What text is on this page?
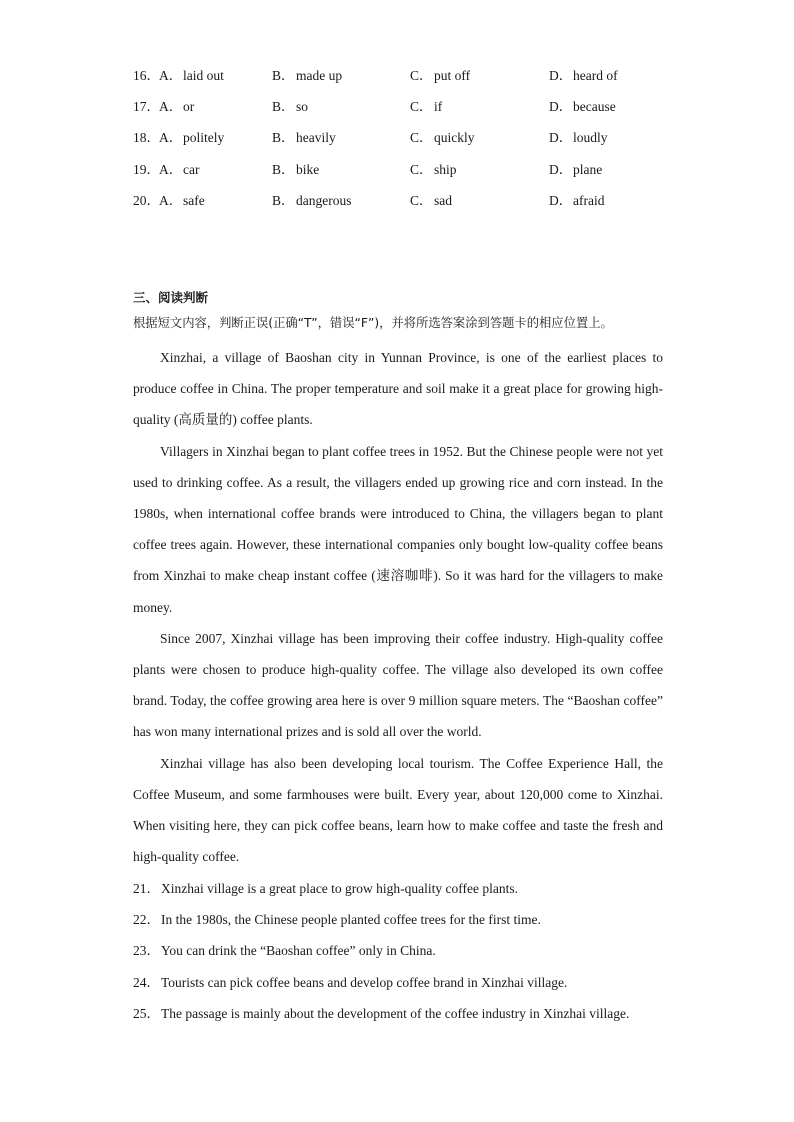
16． A．laid out	B．made up	C．put off	D．heard of
17． A．or	B．so	C．if	D．because
18． A．politely	B．heavily	C．quickly	D．loudly
19． A．car	B．bike	C．ship	D．plane
20． A．safe	B．dangerous	C．sad	D．afraid
三、阅读判断
根据短文内容，判断正误(正确“T”，错误“F”)，并将所选答案涂到答题卡的相应位置上。

Xinzhai, a village of Baoshan city in Yunnan Province, is one of the earliest places to produce coffee in China. The proper temperature and soil make it a great place for growing high-quality (高质量的) coffee plants.

Villagers in Xinzhai began to plant coffee trees in 1952. But the Chinese people were not yet used to drinking coffee. As a result, the villagers ended up growing rice and corn instead. In the 1980s, when international coffee brands were introduced to China, the villagers began to plant coffee trees again. However, these international companies only bought low-quality coffee beans from Xinzhai to make cheap instant coffee (速溶咖啡). So it was hard for the villagers to make money.

Since 2007, Xinzhai village has been improving their coffee industry. High-quality coffee plants were chosen to produce high-quality coffee. The village also developed its own coffee brand. Today, the coffee growing area here is over 9 million square meters. The “Baoshan coffee” has won many international prizes and is sold all over the world.

Xinzhai village has also been developing local tourism. The Coffee Experience Hall, the Coffee Museum, and some farmhouses were built. Every year, about 120,000 come to Xinzhai. When visiting here, they can pick coffee beans, learn how to make coffee and taste the fresh and high-quality coffee.

21．Xinzhai village is a great place to grow high-quality coffee plants.
22．In the 1980s, the Chinese people planted coffee trees for the first time.
23．You can drink the “Baoshan coffee” only in China.
24．Tourists can pick coffee beans and develop coffee brand in Xinzhai village.
25．The passage is mainly about the development of the coffee industry in Xinzhai village.
